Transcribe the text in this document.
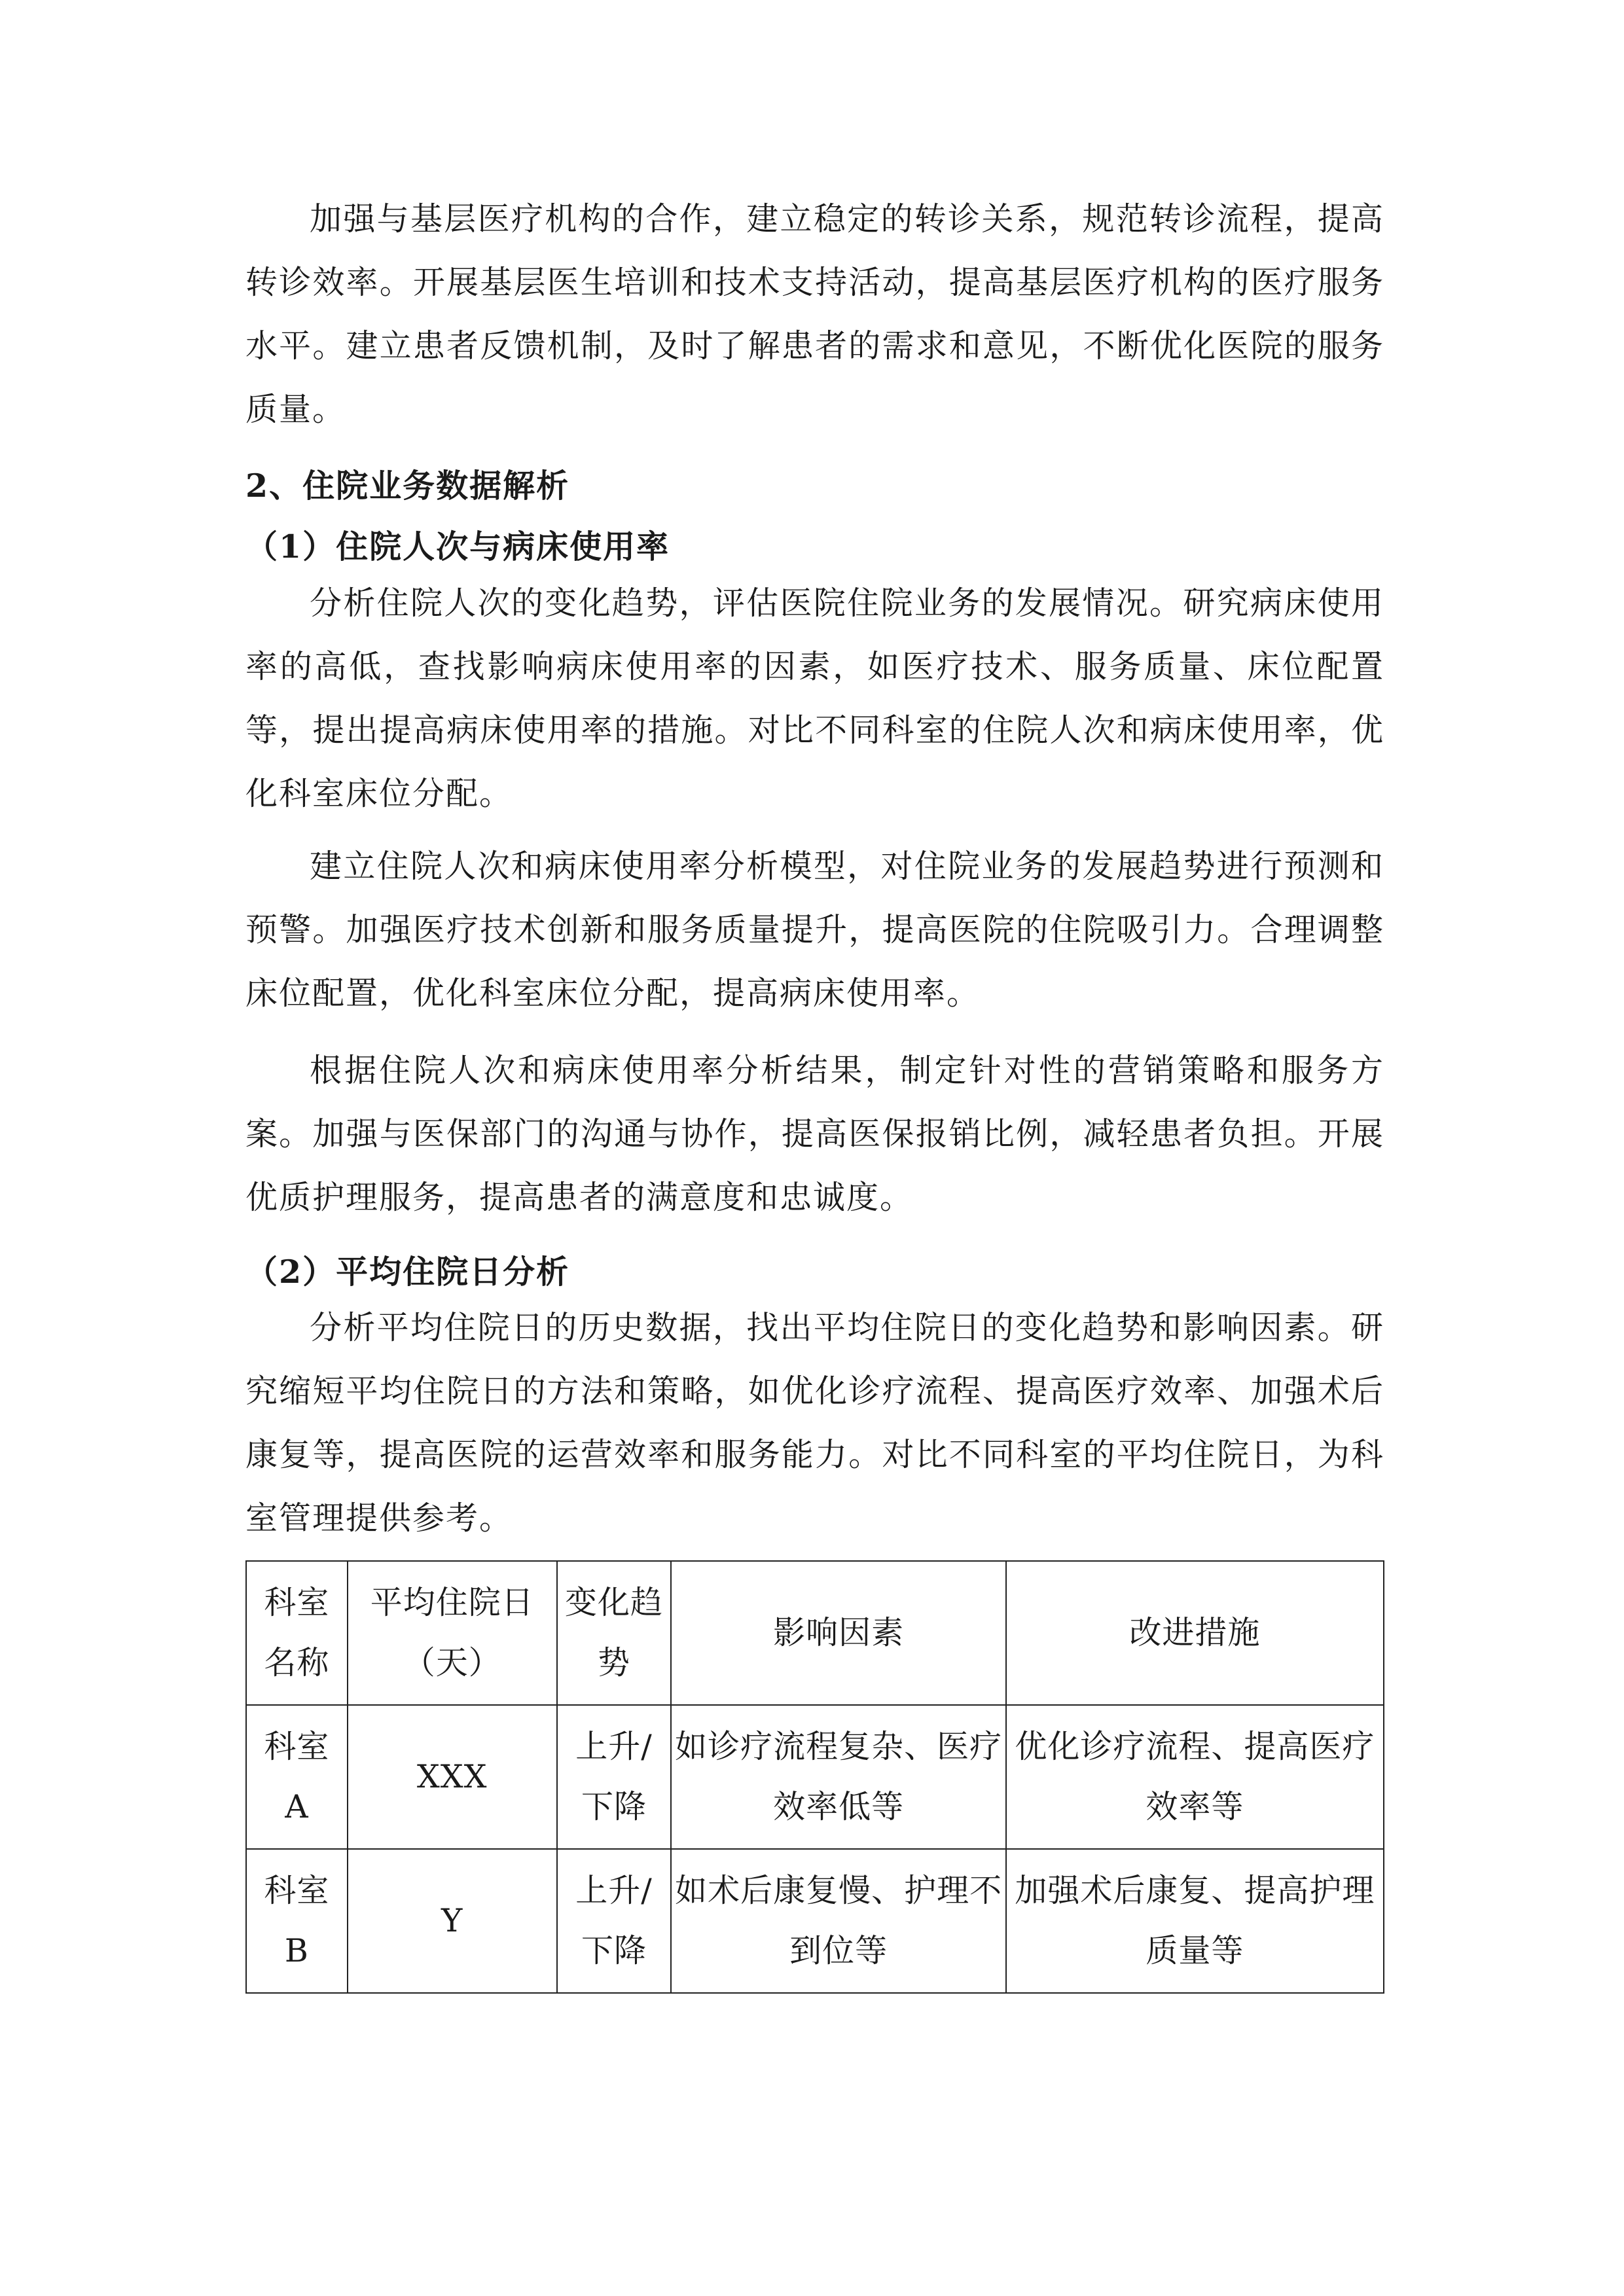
加强与基层医疗机构的合作，建立稳定的转诊关系，规范转诊流程，提高转诊效率。开展基层医生培训和技术支持活动，提高基层医疗机构的医疗服务水平。建立患者反馈机制，及时了解患者的需求和意见，不断优化医院的服务质量。

2、住院业务数据解析
（1）住院人次与病床使用率

分析住院人次的变化趋势，评估医院住院业务的发展情况。研究病床使用率的高低，查找影响病床使用率的因素，如医疗技术、服务质量、床位配置等，提出提高病床使用率的措施。对比不同科室的住院人次和病床使用率，优化科室床位分配。

建立住院人次和病床使用率分析模型，对住院业务的发展趋势进行预测和预警。加强医疗技术创新和服务质量提升，提高医院的住院吸引力。合理调整床位配置，优化科室床位分配，提高病床使用率。

根据住院人次和病床使用率分析结果，制定针对性的营销策略和服务方案。加强与医保部门的沟通与协作，提高医保报销比例，减轻患者负担。开展优质护理服务，提高患者的满意度和忠诚度。

（2）平均住院日分析

分析平均住院日的历史数据，找出平均住院日的变化趋势和影响因素。研究缩短平均住院日的方法和策略，如优化诊疗流程、提高医疗效率、加强术后康复等，提高医院的运营效率和服务能力。对比不同科室的平均住院日，为科室管理提供参考。

科室名称	平均住院日（天）	变化趋势	影响因素	改进措施
科室 A	XXX	上升/下降	如诊疗流程复杂、医疗效率低等	优化诊疗流程、提高医疗效率等
科室 B	Y	上升/下降	如术后康复慢、护理不到位等	加强术后康复、提高护理质量等
